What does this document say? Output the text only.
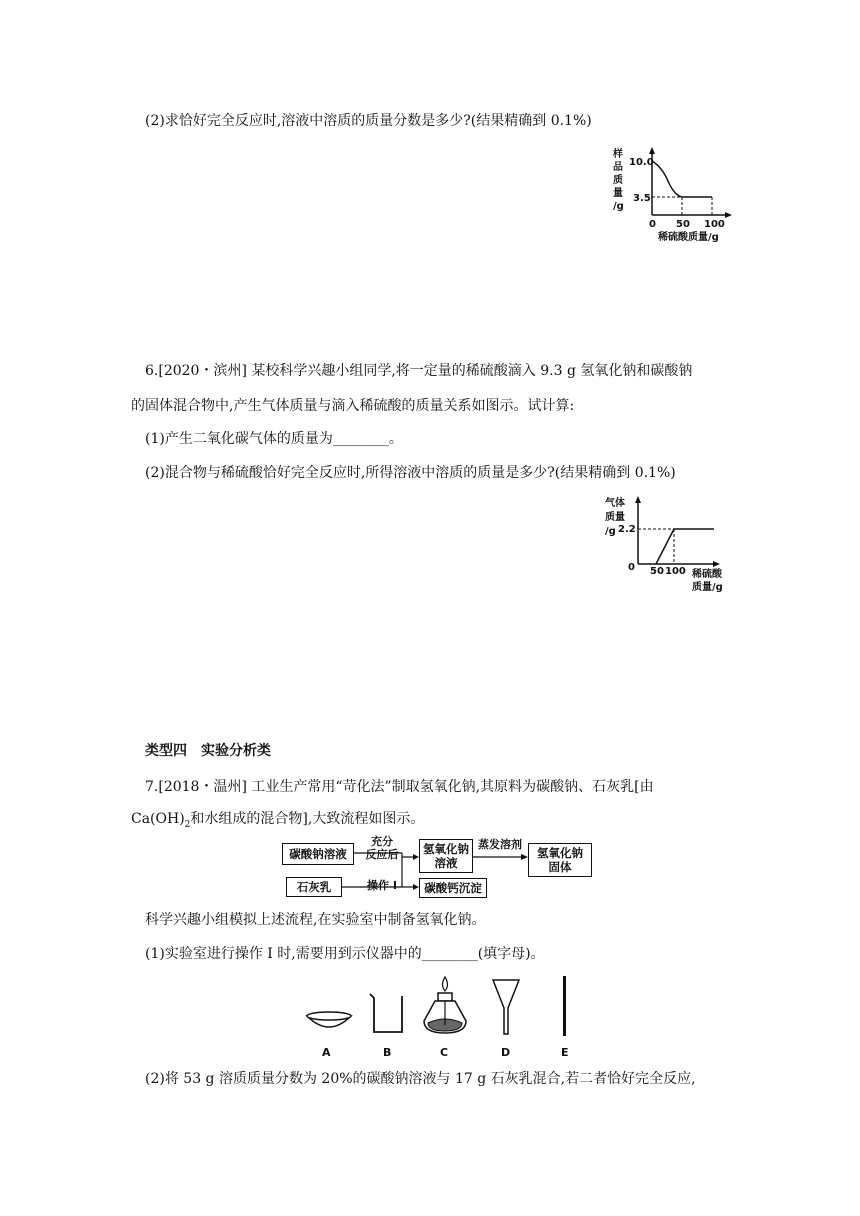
(2)求恰好完全反应时,溶液中溶质的质量分数是多少?(结果精确到 0.1%)
样
品
质
量
/g
10.0
3.5
0 50 100
稀硫酸质量/g
6.[2020・滨州] 某校科学兴趣小组同学,将一定量的稀硫酸滴入 9.3 g 氢氧化钠和碳酸钠
的固体混合物中,产生气体质量与滴入稀硫酸的质量关系如图示。试计算:
(1)产生二氧化碳气体的质量为________。
(2)混合物与稀硫酸恰好完全反应时,所得溶液中溶质的质量是多少?(结果精确到 0.1%)
气体
质量
/g 2.2
0 50 100 稀硫酸
质量/g
类型四　实验分析类
7.[2018・温州] 工业生产常用“苛化法”制取氢氧化钠,其原料为碳酸钠、石灰乳[由
$Ca(OH)_2$和水组成的混合物],大致流程如图示。
碳酸钠溶液
石灰乳
充分
反应后
操作 I
氢氧化钠
溶液
碳酸钙沉淀
蒸发溶剂
氢氧化钠
固体
科学兴趣小组模拟上述流程,在实验室中制备氢氧化钠。
(1)实验室进行操作 I 时,需要用到示仪器中的________(填字母)。
A	B	C	D	E
(2)将 53 g 溶质质量分数为 20%的碳酸钠溶液与 17 g 石灰乳混合,若二者恰好完全反应,
